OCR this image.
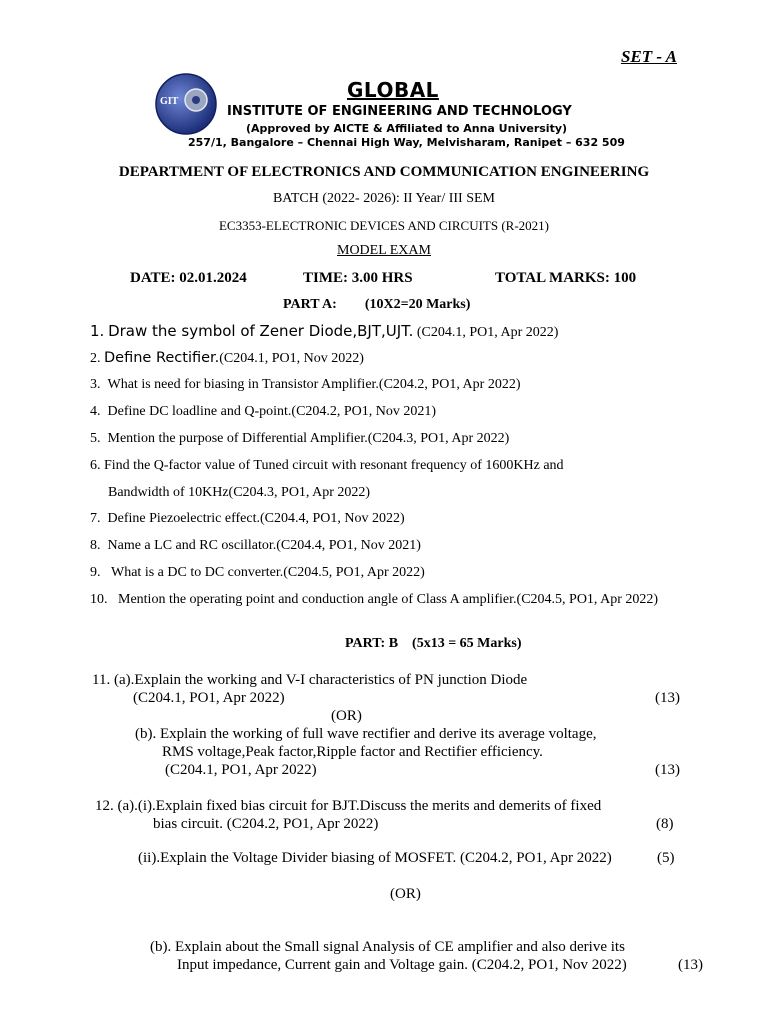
SET - A
GIT	GLOBAL
INSTITUTE OF ENGINEERING AND TECHNOLOGY
(Approved by AICTE & Affiliated to Anna University)
257/1, Bangalore – Chennai High Way, Melvisharam, Ranipet – 632 509
DEPARTMENT OF ELECTRONICS AND COMMUNICATION ENGINEERING
BATCH (2022- 2026): II Year/ III SEM
EC3353-ELECTRONIC DEVICES AND CIRCUITS (R-2021)
MODEL EXAM
DATE: 02.01.2024	TIME: 3.00 HRS	TOTAL MARKS: 100
PART A: (10X2=20 Marks)
1. Draw the symbol of Zener Diode,BJT,UJT. (C204.1, PO1, Apr 2022)
2. Define Rectifier.(C204.1, PO1, Nov 2022)
3. What is need for biasing in Transistor Amplifier.(C204.2, PO1, Apr 2022)
4. Define DC loadline and Q-point.(C204.2, PO1, Nov 2021)
5. Mention the purpose of Differential Amplifier.(C204.3, PO1, Apr 2022)
6. Find the Q-factor value of Tuned circuit with resonant frequency of 1600KHz and
Bandwidth of 10KHz(C204.3, PO1, Apr 2022)
7. Define Piezoelectric effect.(C204.4, PO1, Nov 2022)
8. Name a LC and RC oscillator.(C204.4, PO1, Nov 2021)
9. What is a DC to DC converter.(C204.5, PO1, Apr 2022)
10. Mention the operating point and conduction angle of Class A amplifier.(C204.5, PO1, Apr 2022)
PART: B (5x13 = 65 Marks)
11. (a).Explain the working and V-I characteristics of PN junction Diode
(C204.1, PO1, Apr 2022)	(13)
(OR)
(b). Explain the working of full wave rectifier and derive its average voltage,
RMS voltage,Peak factor,Ripple factor and Rectifier efficiency.
(C204.1, PO1, Apr 2022)	(13)
12. (a).(i).Explain fixed bias circuit for BJT.Discuss the merits and demerits of fixed
bias circuit. (C204.2, PO1, Apr 2022)	(8)
(ii).Explain the Voltage Divider biasing of MOSFET. (C204.2, PO1, Apr 2022)	(5)
(OR)
(b). Explain about the Small signal Analysis of CE amplifier and also derive its
Input impedance, Current gain and Voltage gain. (C204.2, PO1, Nov 2022)	(13)
